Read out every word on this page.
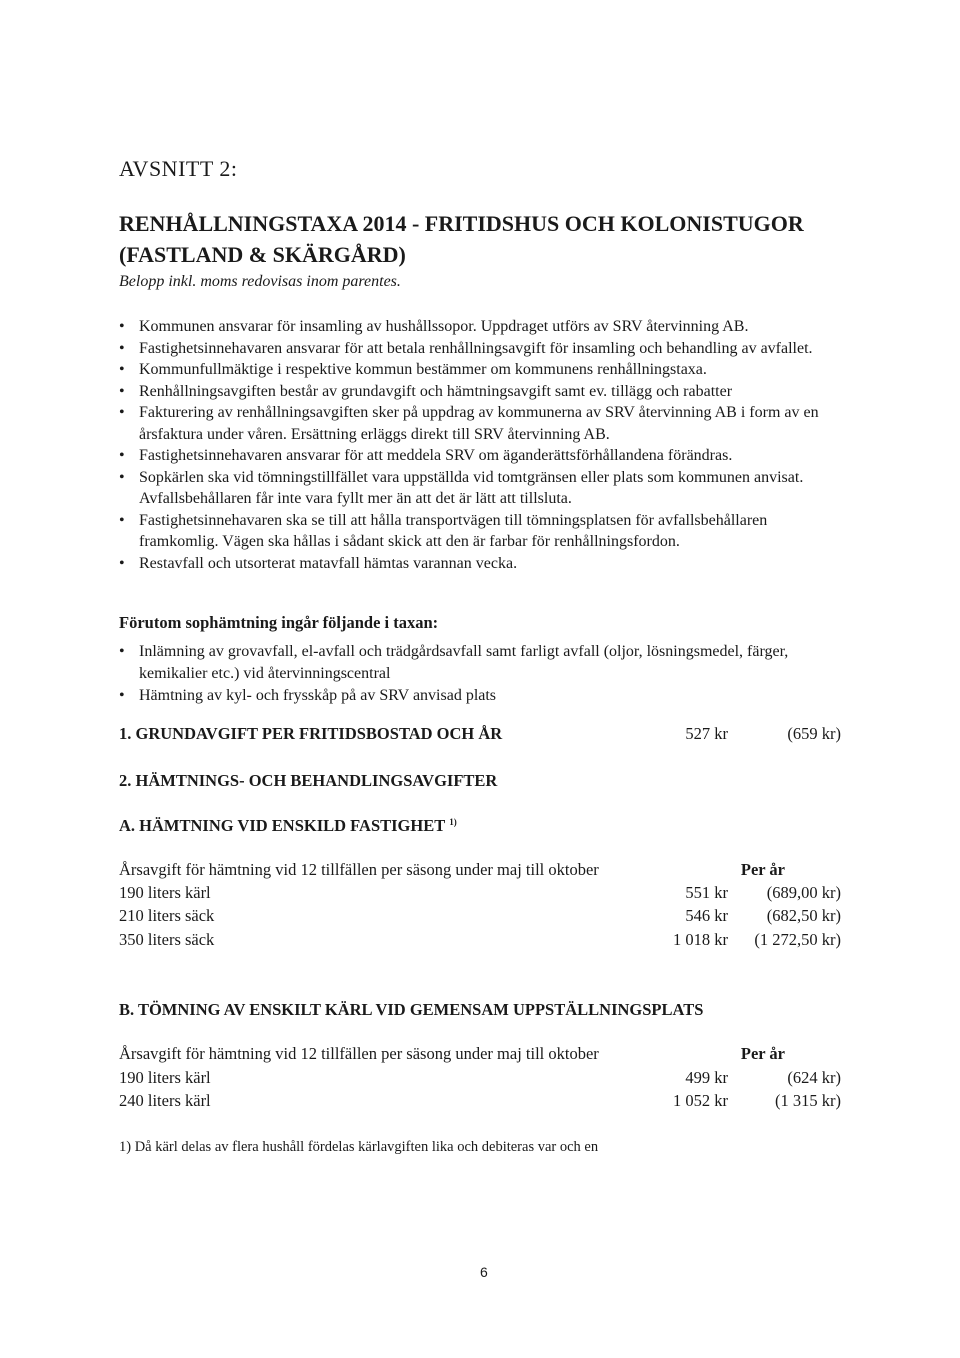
AVSNITT 2:
RENHÅLLNINGSTAXA 2014 - FRITIDSHUS OCH KOLONISTUGOR
(FASTLAND & SKÄRGÅRD)
Belopp inkl. moms redovisas inom parentes.
• Kommunen ansvarar för insamling av hushållssopor. Uppdraget utförs av SRV återvinning AB.
• Fastighetsinnehavaren ansvarar för att betala renhållningsavgift för insamling och behandling av avfallet.
• Kommunfullmäktige i respektive kommun bestämmer om kommunens renhållningstaxa.
• Renhållningsavgiften består av grundavgift och hämtningsavgift samt ev. tillägg och rabatter
• Fakturering av renhållningsavgiften sker på uppdrag av kommunerna av SRV återvinning AB i form av en årsfaktura under våren. Ersättning erläggs direkt till SRV återvinning AB.
• Fastighetsinnehavaren ansvarar för att meddela SRV om äganderättsförhållandena förändras.
• Sopkärlen ska vid tömningstillfället vara uppställda vid tomtgränsen eller plats som kommunen anvisat. Avfallsbehållaren får inte vara fyllt mer än att det är lätt att tillsluta.
• Fastighetsinnehavaren ska se till att hålla transportvägen till tömningsplatsen för avfallsbehållaren framkomlig. Vägen ska hållas i sådant skick att den är farbar för renhållningsfordon.
• Restavfall och utsorterat matavfall hämtas varannan vecka.
Förutom sophämtning ingår följande i taxan:
• Inlämning av grovavfall, el-avfall och trädgårdsavfall samt farligt avfall (oljor, lösningsmedel, färger, kemikalier etc.) vid återvinningscentral
• Hämtning av kyl- och frysskåp på av SRV anvisad plats
1. GRUNDAVGIFT PER FRITIDSBOSTAD OCH ÅR	527 kr	(659 kr)
2. HÄMTNINGS- OCH BEHANDLINGSAVGIFTER
A. HÄMTNING VID ENSKILD FASTIGHET $^{1)}$
Årsavgift för hämtning vid 12 tillfällen per säsong under maj till oktober	Per år
190 liters kärl	551 kr (689,00 kr)
210 liters säck	546 kr (682,50 kr)
350 liters säck	1 018 kr (1 272,50 kr)
B. TÖMNING AV ENSKILT KÄRL VID GEMENSAM UPPSTÄLLNINGSPLATS
Årsavgift för hämtning vid 12 tillfällen per säsong under maj till oktober	Per år
190 liters kärl	499 kr	(624 kr)
240 liters kärl	1 052 kr	(1 315 kr)
1) Då kärl delas av flera hushåll fördelas kärlavgiften lika och debiteras var och en
6
